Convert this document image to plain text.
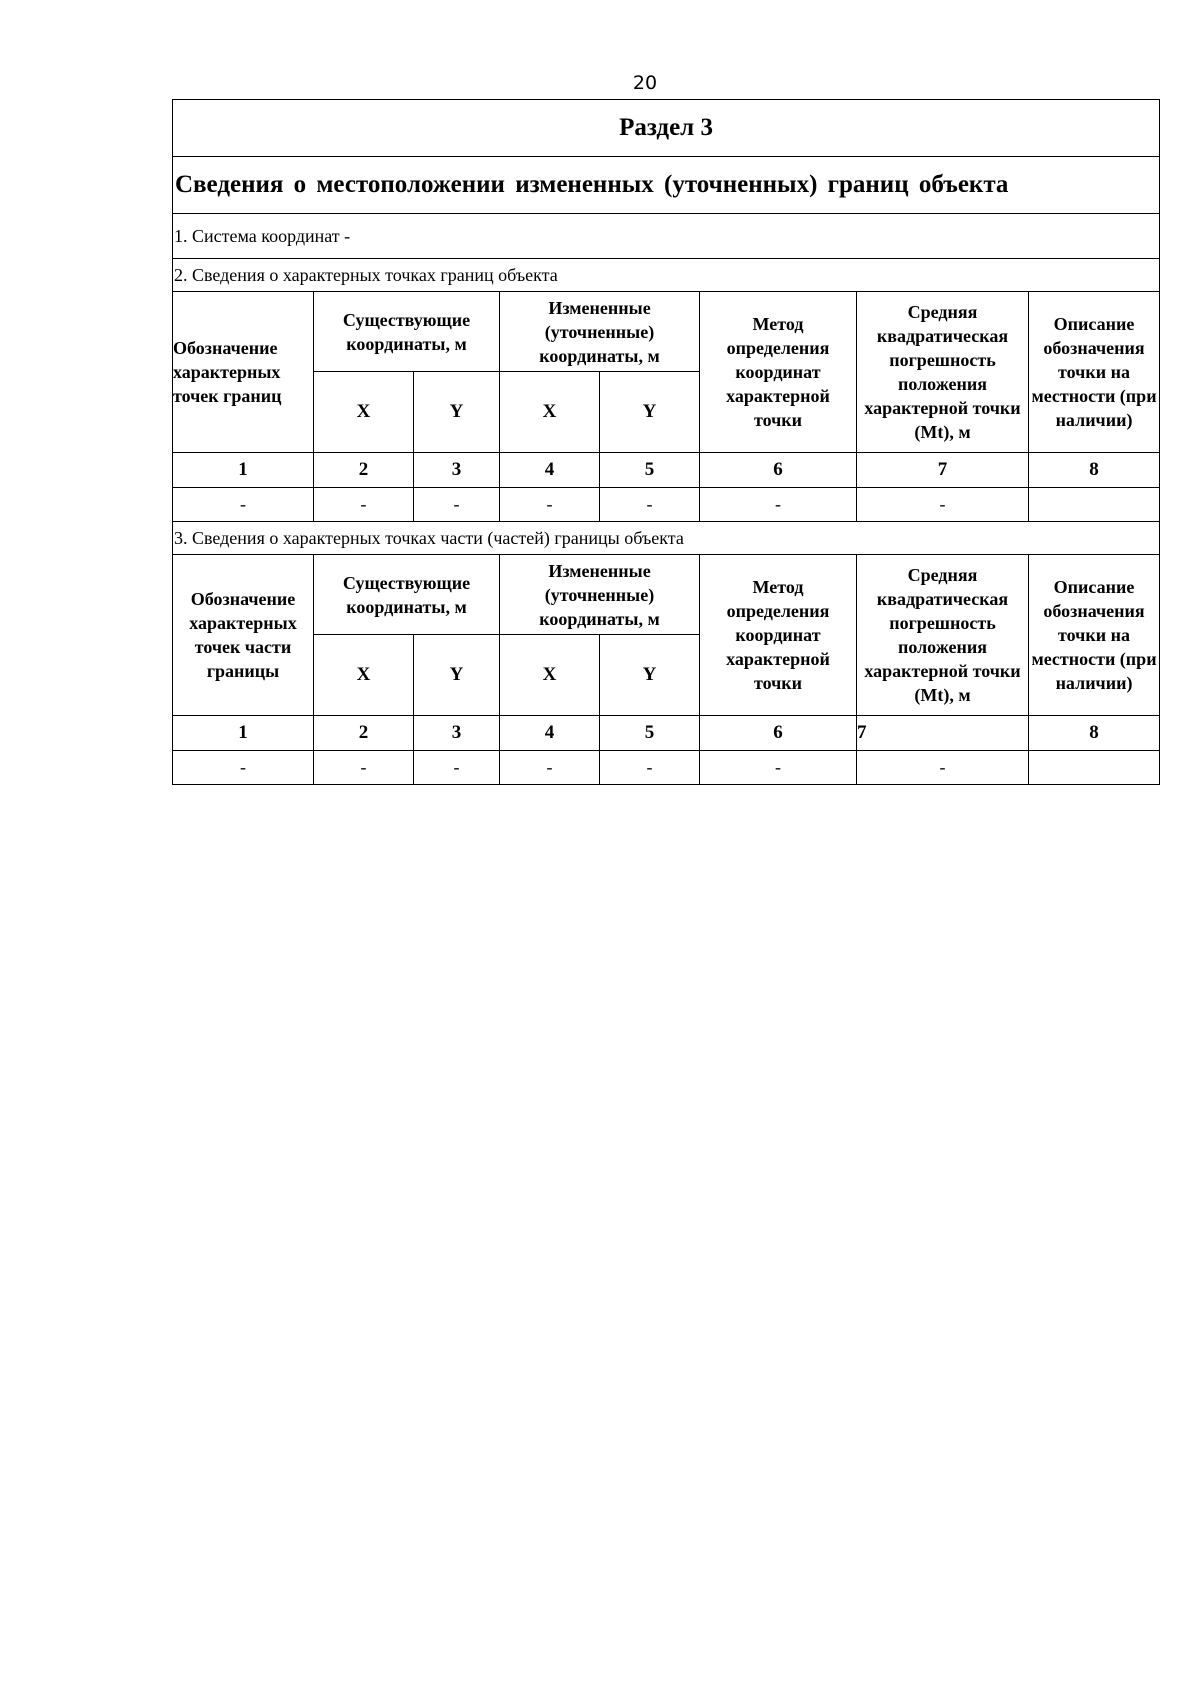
20
Раздел 3							
Сведения о местоположении измененных (уточненных) границ объекта							
1. Система координат -							
2. Сведения о характерных точках границ объекта							
Обозначение характерных точек границ	Существующие координаты, м		Измененные (уточненные) координаты, м		Метод определения координат характерной точки	Средняя квадратическая погрешность положения характерной точки (Mt), м	Описание обозначения точки на местности (при наличии)
	X	Y	X	Y			
1	2	3	4	5	6	7	8
-	-	-	-	-	-	-	
3. Сведения о характерных точках части (частей) границы объекта							
Обозначение характерных точек части границы	Существующие координаты, м		Измененные (уточненные) координаты, м		Метод определения координат характерной точки	Средняя квадратическая погрешность положения характерной точки (Mt), м	Описание обозначения точки на местности (при наличии)
	X	Y	X	Y			
1	2	3	4	5	6	7	8
-	-	-	-	-	-	-	
